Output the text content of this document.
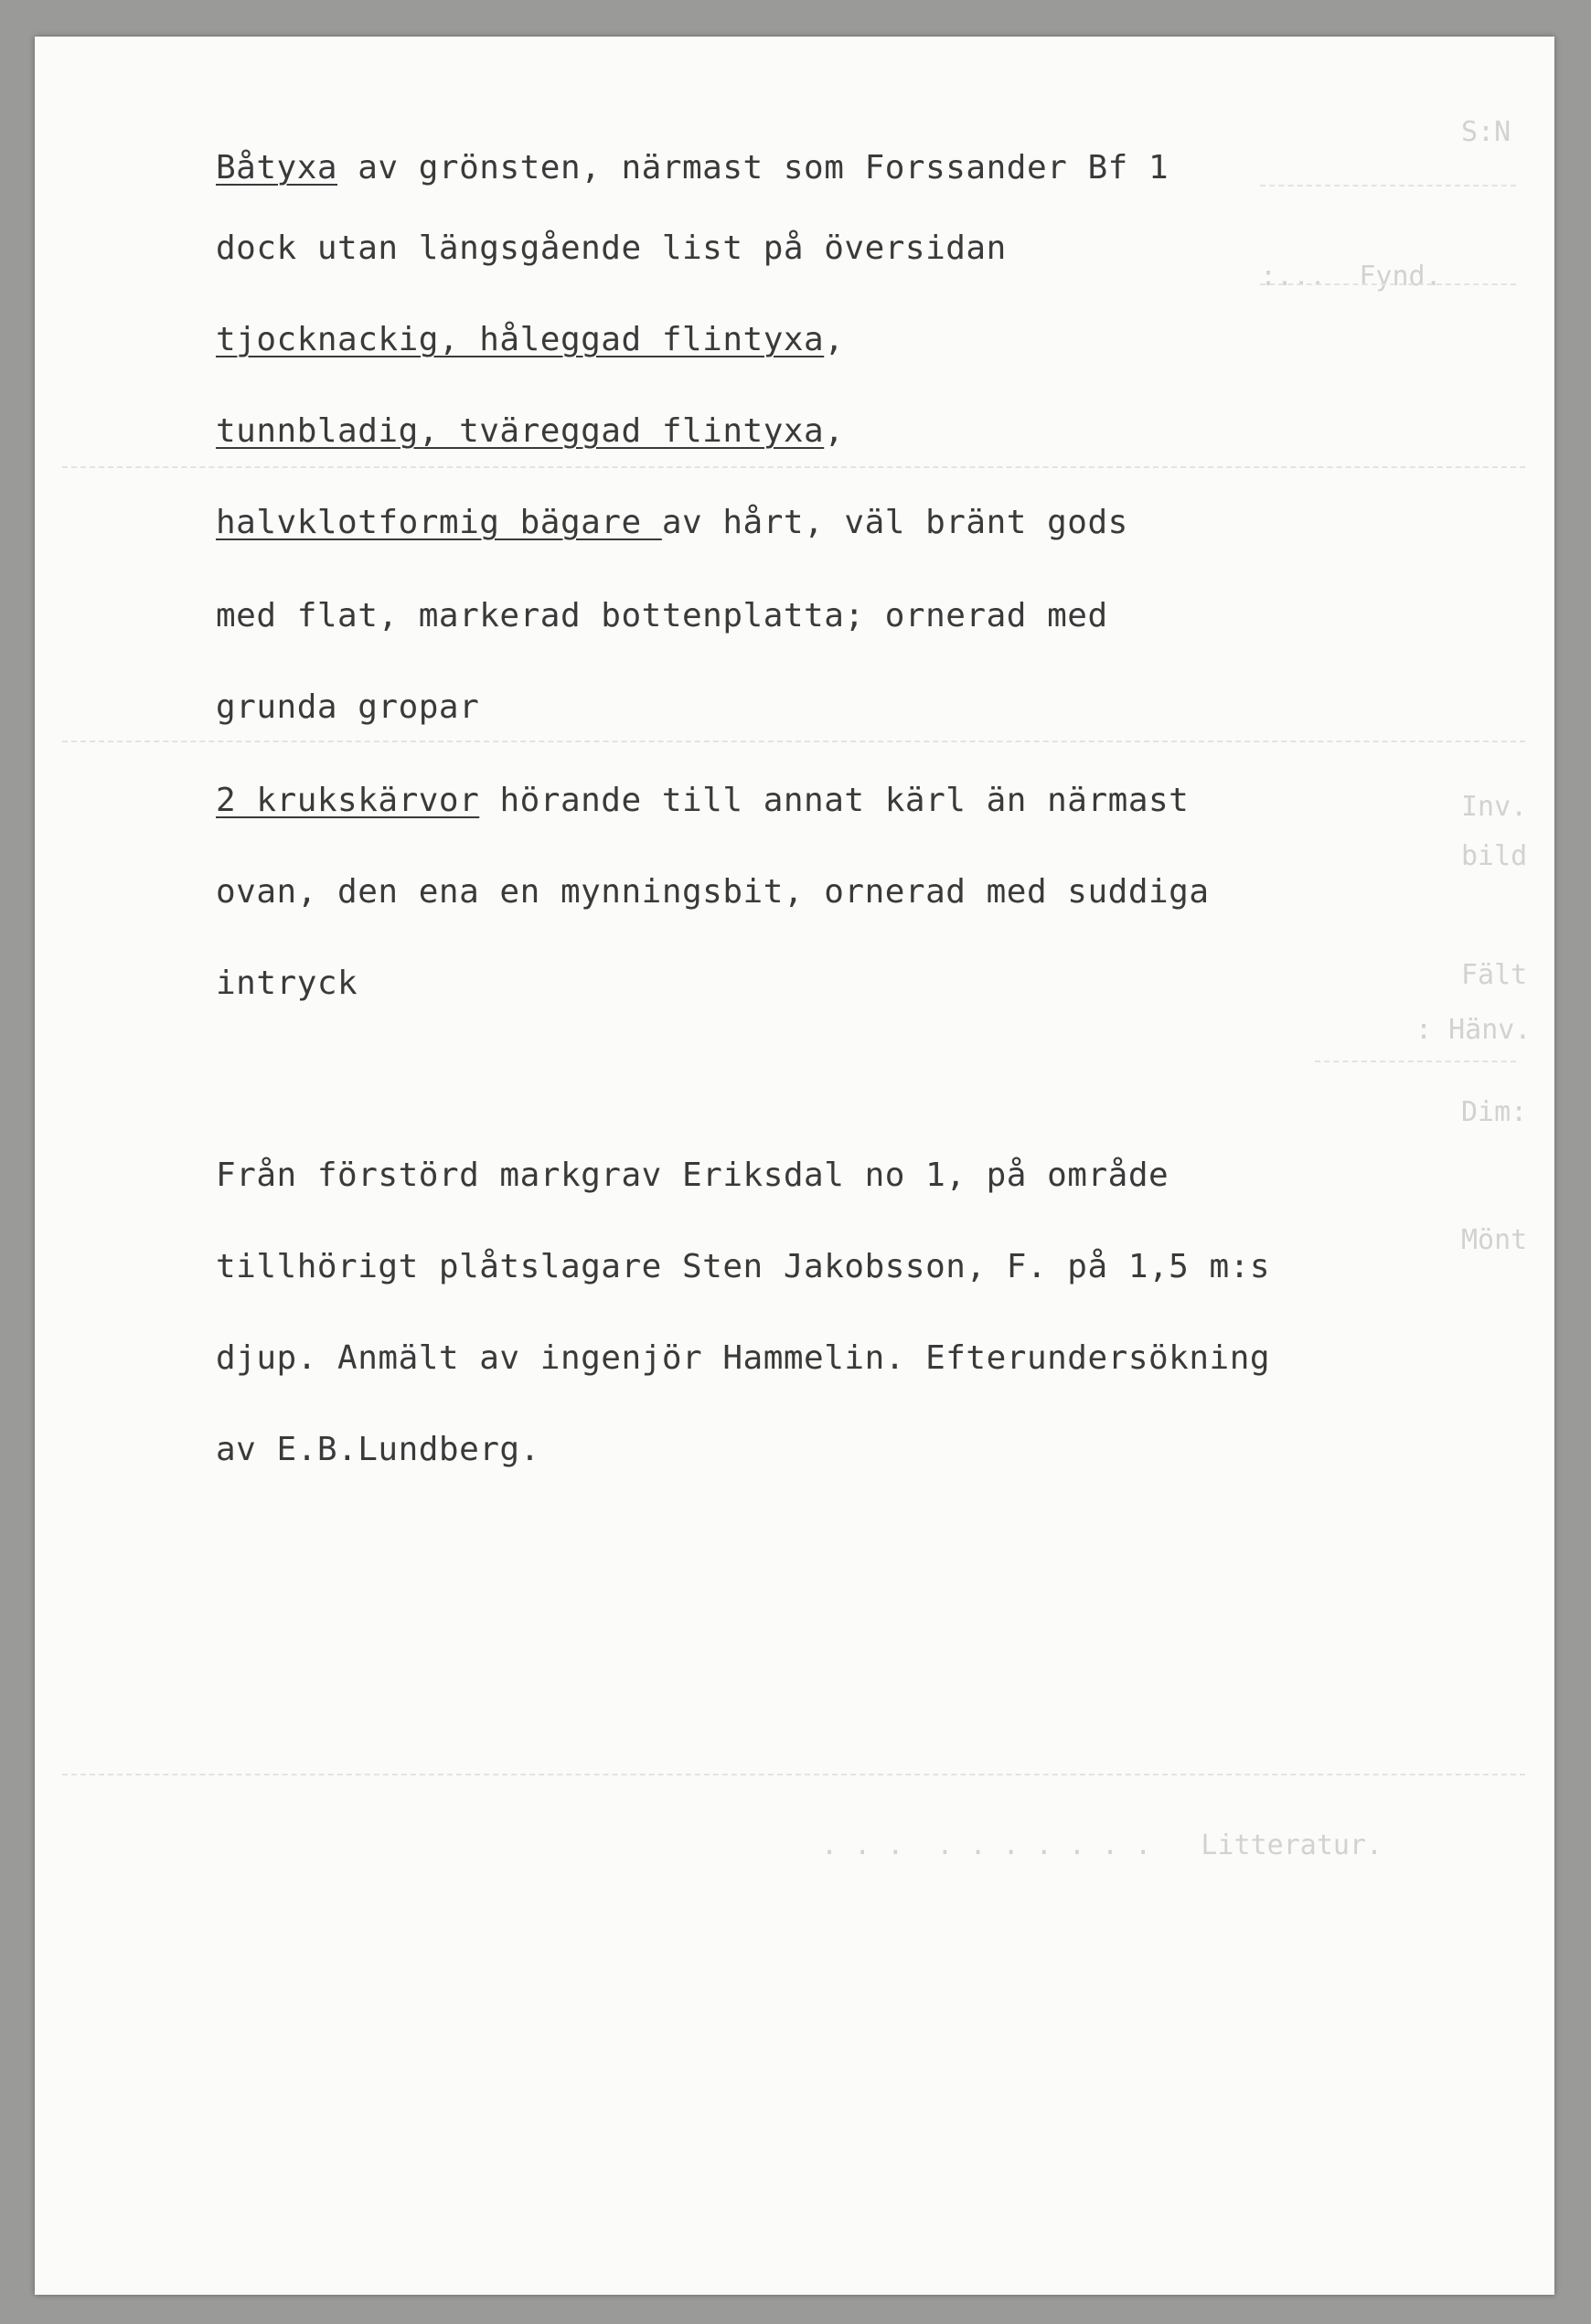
S:N
:...  Fynd.
Inv.
bild
Fält
: Hänv.
Dim:
Mönt
. . .  . . . . . . .   Litteratur.
Båtyxa av grönsten, närmast som Forssander Bf 1
dock utan längsgående list på översidan
tjocknackig, håleggad flintyxa,
tunnbladig, tväreggad flintyxa,
halvklotformig bägare av hårt, väl bränt gods
med flat, markerad bottenplatta; ornerad med
grunda gropar
2 krukskärvor hörande till annat kärl än närmast
ovan, den ena en mynningsbit, ornerad med suddiga
intryck
Från förstörd markgrav Eriksdal no 1, på område
tillhörigt plåtslagare Sten Jakobsson, F. på 1,5 m:s
djup. Anmält av ingenjör Hammelin. Efterundersökning
av E.B.Lundberg.
